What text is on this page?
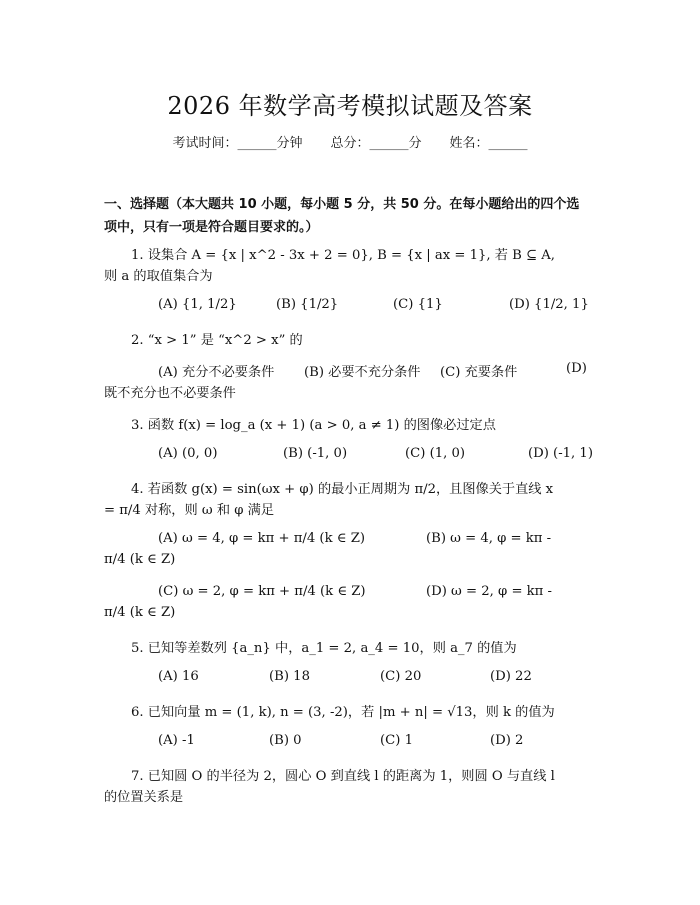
2026 年数学高考模拟试题及答案
考试时间：______分钟 总分：______分 姓名：______
一、选择题（本大题共 10 小题，每小题 5 分，共 50 分。在每小题给出的四个选
项中，只有一项是符合题目要求的。）
1. 设集合 A = {x | x^2 - 3x + 2 = 0}, B = {x | ax = 1}, 若 B ⊆ A,
则 a 的取值集合为
(A) {1, 1/2}	(B) {1/2}	(C) {1}	(D) {1/2, 1}
2. “x > 1” 是 “x^2 > x” 的
(A) 充分不必要条件 (B) 必要不充分条件 (C) 充要条件	(D)
既不充分也不必要条件
3. 函数 f(x) = log_a (x + 1) (a > 0, a ≠ 1) 的图像必过定点
(A) (0, 0)	(B) (-1, 0)	(C) (1, 0)	(D) (-1, 1)
4. 若函数 g(x) = sin(ωx + φ) 的最小正周期为 π/2，且图像关于直线 x
= π/4 对称，则 ω 和 φ 满足
(A) ω = 4, φ = kπ + π/4 (k ∈ Z)	(B) ω = 4, φ = kπ -
π/4 (k ∈ Z)
(C) ω = 2, φ = kπ + π/4 (k ∈ Z)	(D) ω = 2, φ = kπ -
π/4 (k ∈ Z)
5. 已知等差数列 {a_n} 中，a_1 = 2, a_4 = 10，则 a_7 的值为
(A) 16	(B) 18	(C) 20	(D) 22
6. 已知向量 m = (1, k), n = (3, -2)，若 |m + n| = √13，则 k 的值为
(A) -1	(B) 0	(C) 1	(D) 2
7. 已知圆 O 的半径为 2，圆心 O 到直线 l 的距离为 1，则圆 O 与直线 l
的位置关系是
